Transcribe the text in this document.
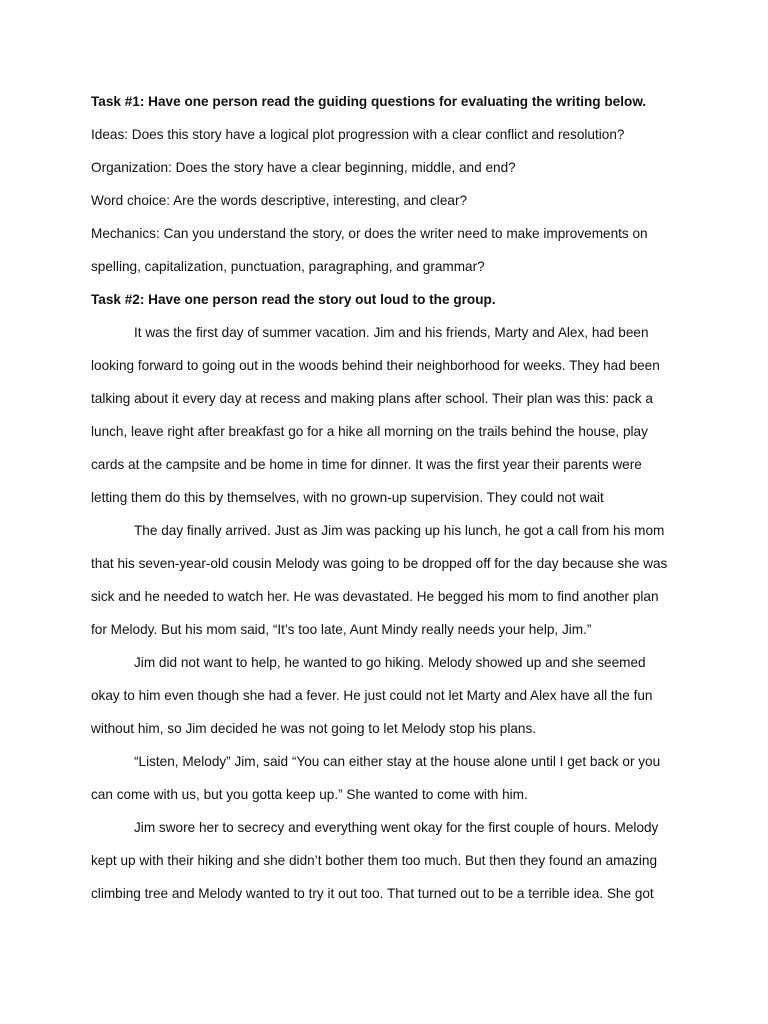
Task #1: Have one person read the guiding questions for evaluating the writing below.
Ideas: Does this story have a logical plot progression with a clear conflict and resolution?
Organization: Does the story have a clear beginning, middle, and end?
Word choice: Are the words descriptive, interesting, and clear?
Mechanics: Can you understand the story, or does the writer need to make improvements on
spelling, capitalization, punctuation, paragraphing, and grammar?
Task #2: Have one person read the story out loud to the group.
It was the first day of summer vacation. Jim and his friends, Marty and Alex, had been
looking forward to going out in the woods behind their neighborhood for weeks. They had been
talking about it every day at recess and making plans after school. Their plan was this: pack a
lunch, leave right after breakfast go for a hike all morning on the trails behind the house, play
cards at the campsite and be home in time for dinner. It was the first year their parents were
letting them do this by themselves, with no grown-up supervision. They could not wait
The day finally arrived. Just as Jim was packing up his lunch, he got a call from his mom
that his seven-year-old cousin Melody was going to be dropped off for the day because she was
sick and he needed to watch her. He was devastated. He begged his mom to find another plan
for Melody. But his mom said, “It’s too late, Aunt Mindy really needs your help, Jim.”
Jim did not want to help, he wanted to go hiking. Melody showed up and she seemed
okay to him even though she had a fever. He just could not let Marty and Alex have all the fun
without him, so Jim decided he was not going to let Melody stop his plans.
“Listen, Melody” Jim, said “You can either stay at the house alone until I get back or you
can come with us, but you gotta keep up.” She wanted to come with him.
Jim swore her to secrecy and everything went okay for the first couple of hours. Melody
kept up with their hiking and she didn’t bother them too much. But then they found an amazing
climbing tree and Melody wanted to try it out too. That turned out to be a terrible idea. She got
